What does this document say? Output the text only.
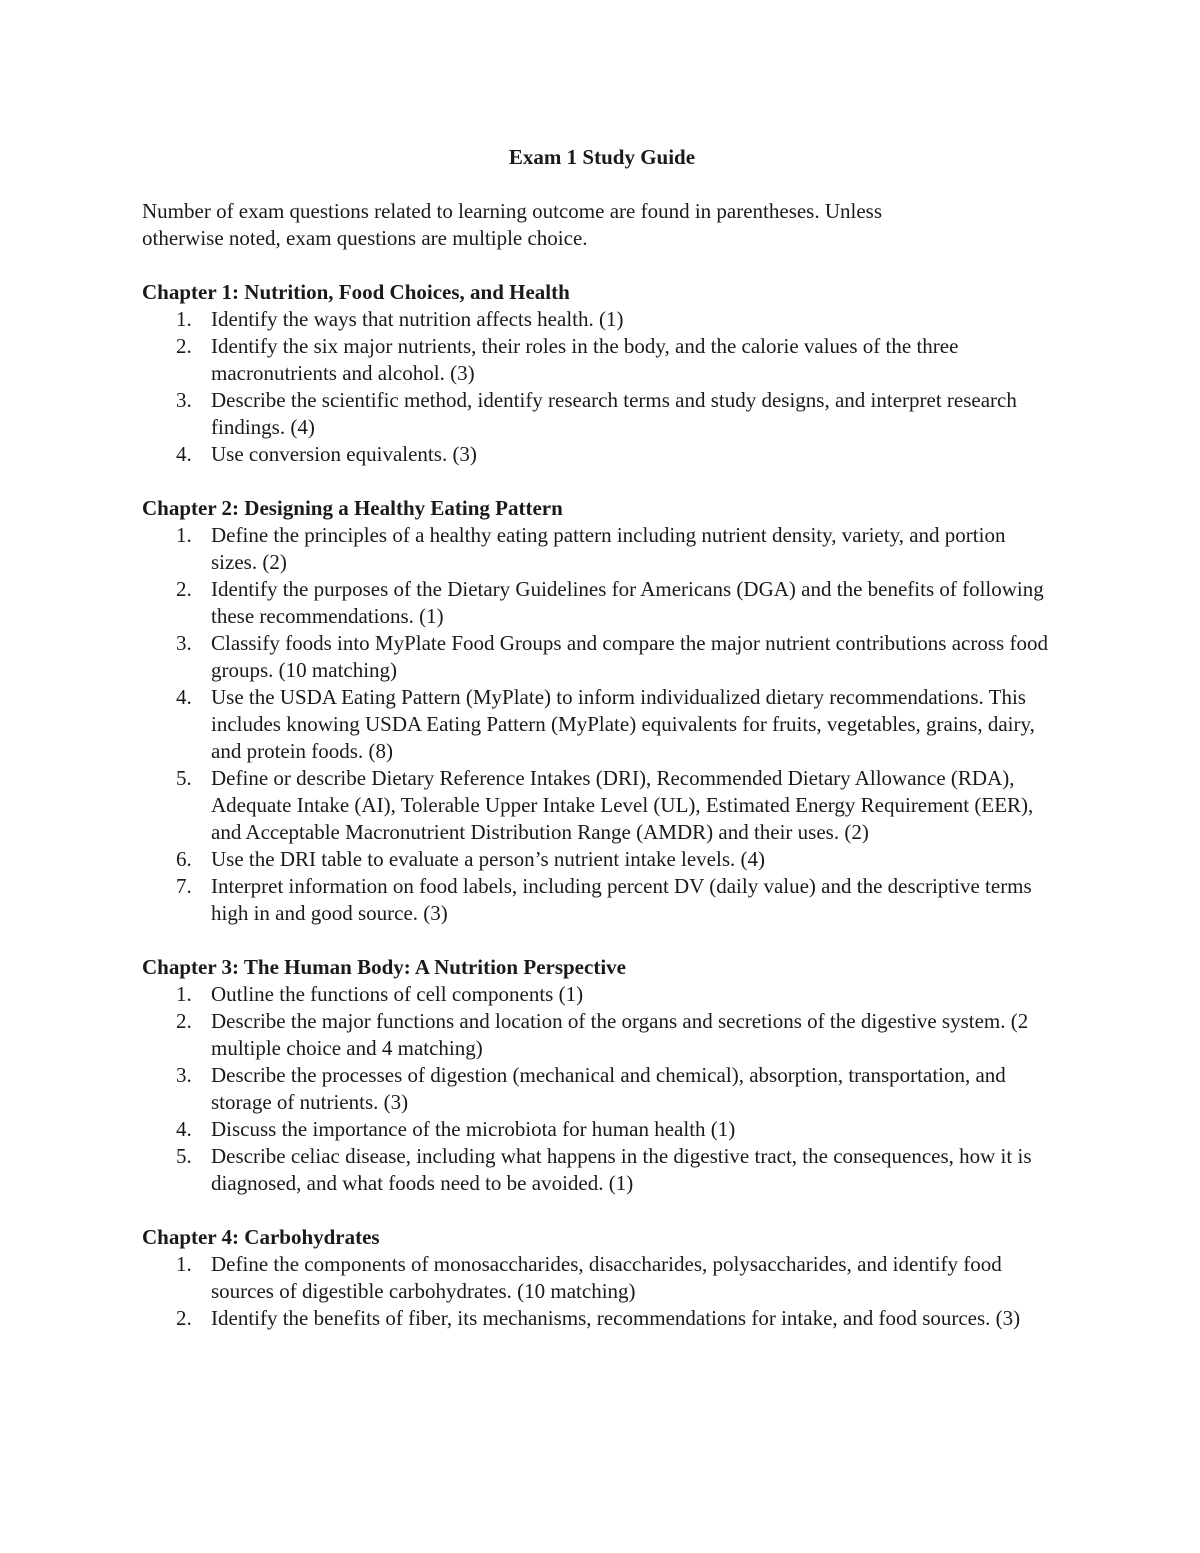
Exam 1 Study Guide
Number of exam questions related to learning outcome are found in parentheses. Unless otherwise noted, exam questions are multiple choice.
Chapter 1: Nutrition, Food Choices, and Health
1. Identify the ways that nutrition affects health. (1)
2. Identify the six major nutrients, their roles in the body, and the calorie values of the three macronutrients and alcohol. (3)
3. Describe the scientific method, identify research terms and study designs, and interpret research findings. (4)
4. Use conversion equivalents. (3)
Chapter 2: Designing a Healthy Eating Pattern
1. Define the principles of a healthy eating pattern including nutrient density, variety, and portion sizes. (2)
2. Identify the purposes of the Dietary Guidelines for Americans (DGA) and the benefits of following these recommendations. (1)
3. Classify foods into MyPlate Food Groups and compare the major nutrient contributions across food groups. (10 matching)
4. Use the USDA Eating Pattern (MyPlate) to inform individualized dietary recommendations. This includes knowing USDA Eating Pattern (MyPlate) equivalents for fruits, vegetables, grains, dairy, and protein foods. (8)
5. Define or describe Dietary Reference Intakes (DRI), Recommended Dietary Allowance (RDA), Adequate Intake (AI), Tolerable Upper Intake Level (UL), Estimated Energy Requirement (EER), and Acceptable Macronutrient Distribution Range (AMDR) and their uses. (2)
6. Use the DRI table to evaluate a person’s nutrient intake levels. (4)
7. Interpret information on food labels, including percent DV (daily value) and the descriptive terms high in and good source. (3)
Chapter 3: The Human Body: A Nutrition Perspective
1. Outline the functions of cell components (1)
2. Describe the major functions and location of the organs and secretions of the digestive system. (2 multiple choice and 4 matching)
3. Describe the processes of digestion (mechanical and chemical), absorption, transportation, and storage of nutrients. (3)
4. Discuss the importance of the microbiota for human health (1)
5. Describe celiac disease, including what happens in the digestive tract, the consequences, how it is diagnosed, and what foods need to be avoided. (1)
Chapter 4: Carbohydrates
1. Define the components of monosaccharides, disaccharides, polysaccharides, and identify food sources of digestible carbohydrates. (10 matching)
2. Identify the benefits of fiber, its mechanisms, recommendations for intake, and food sources. (3)
